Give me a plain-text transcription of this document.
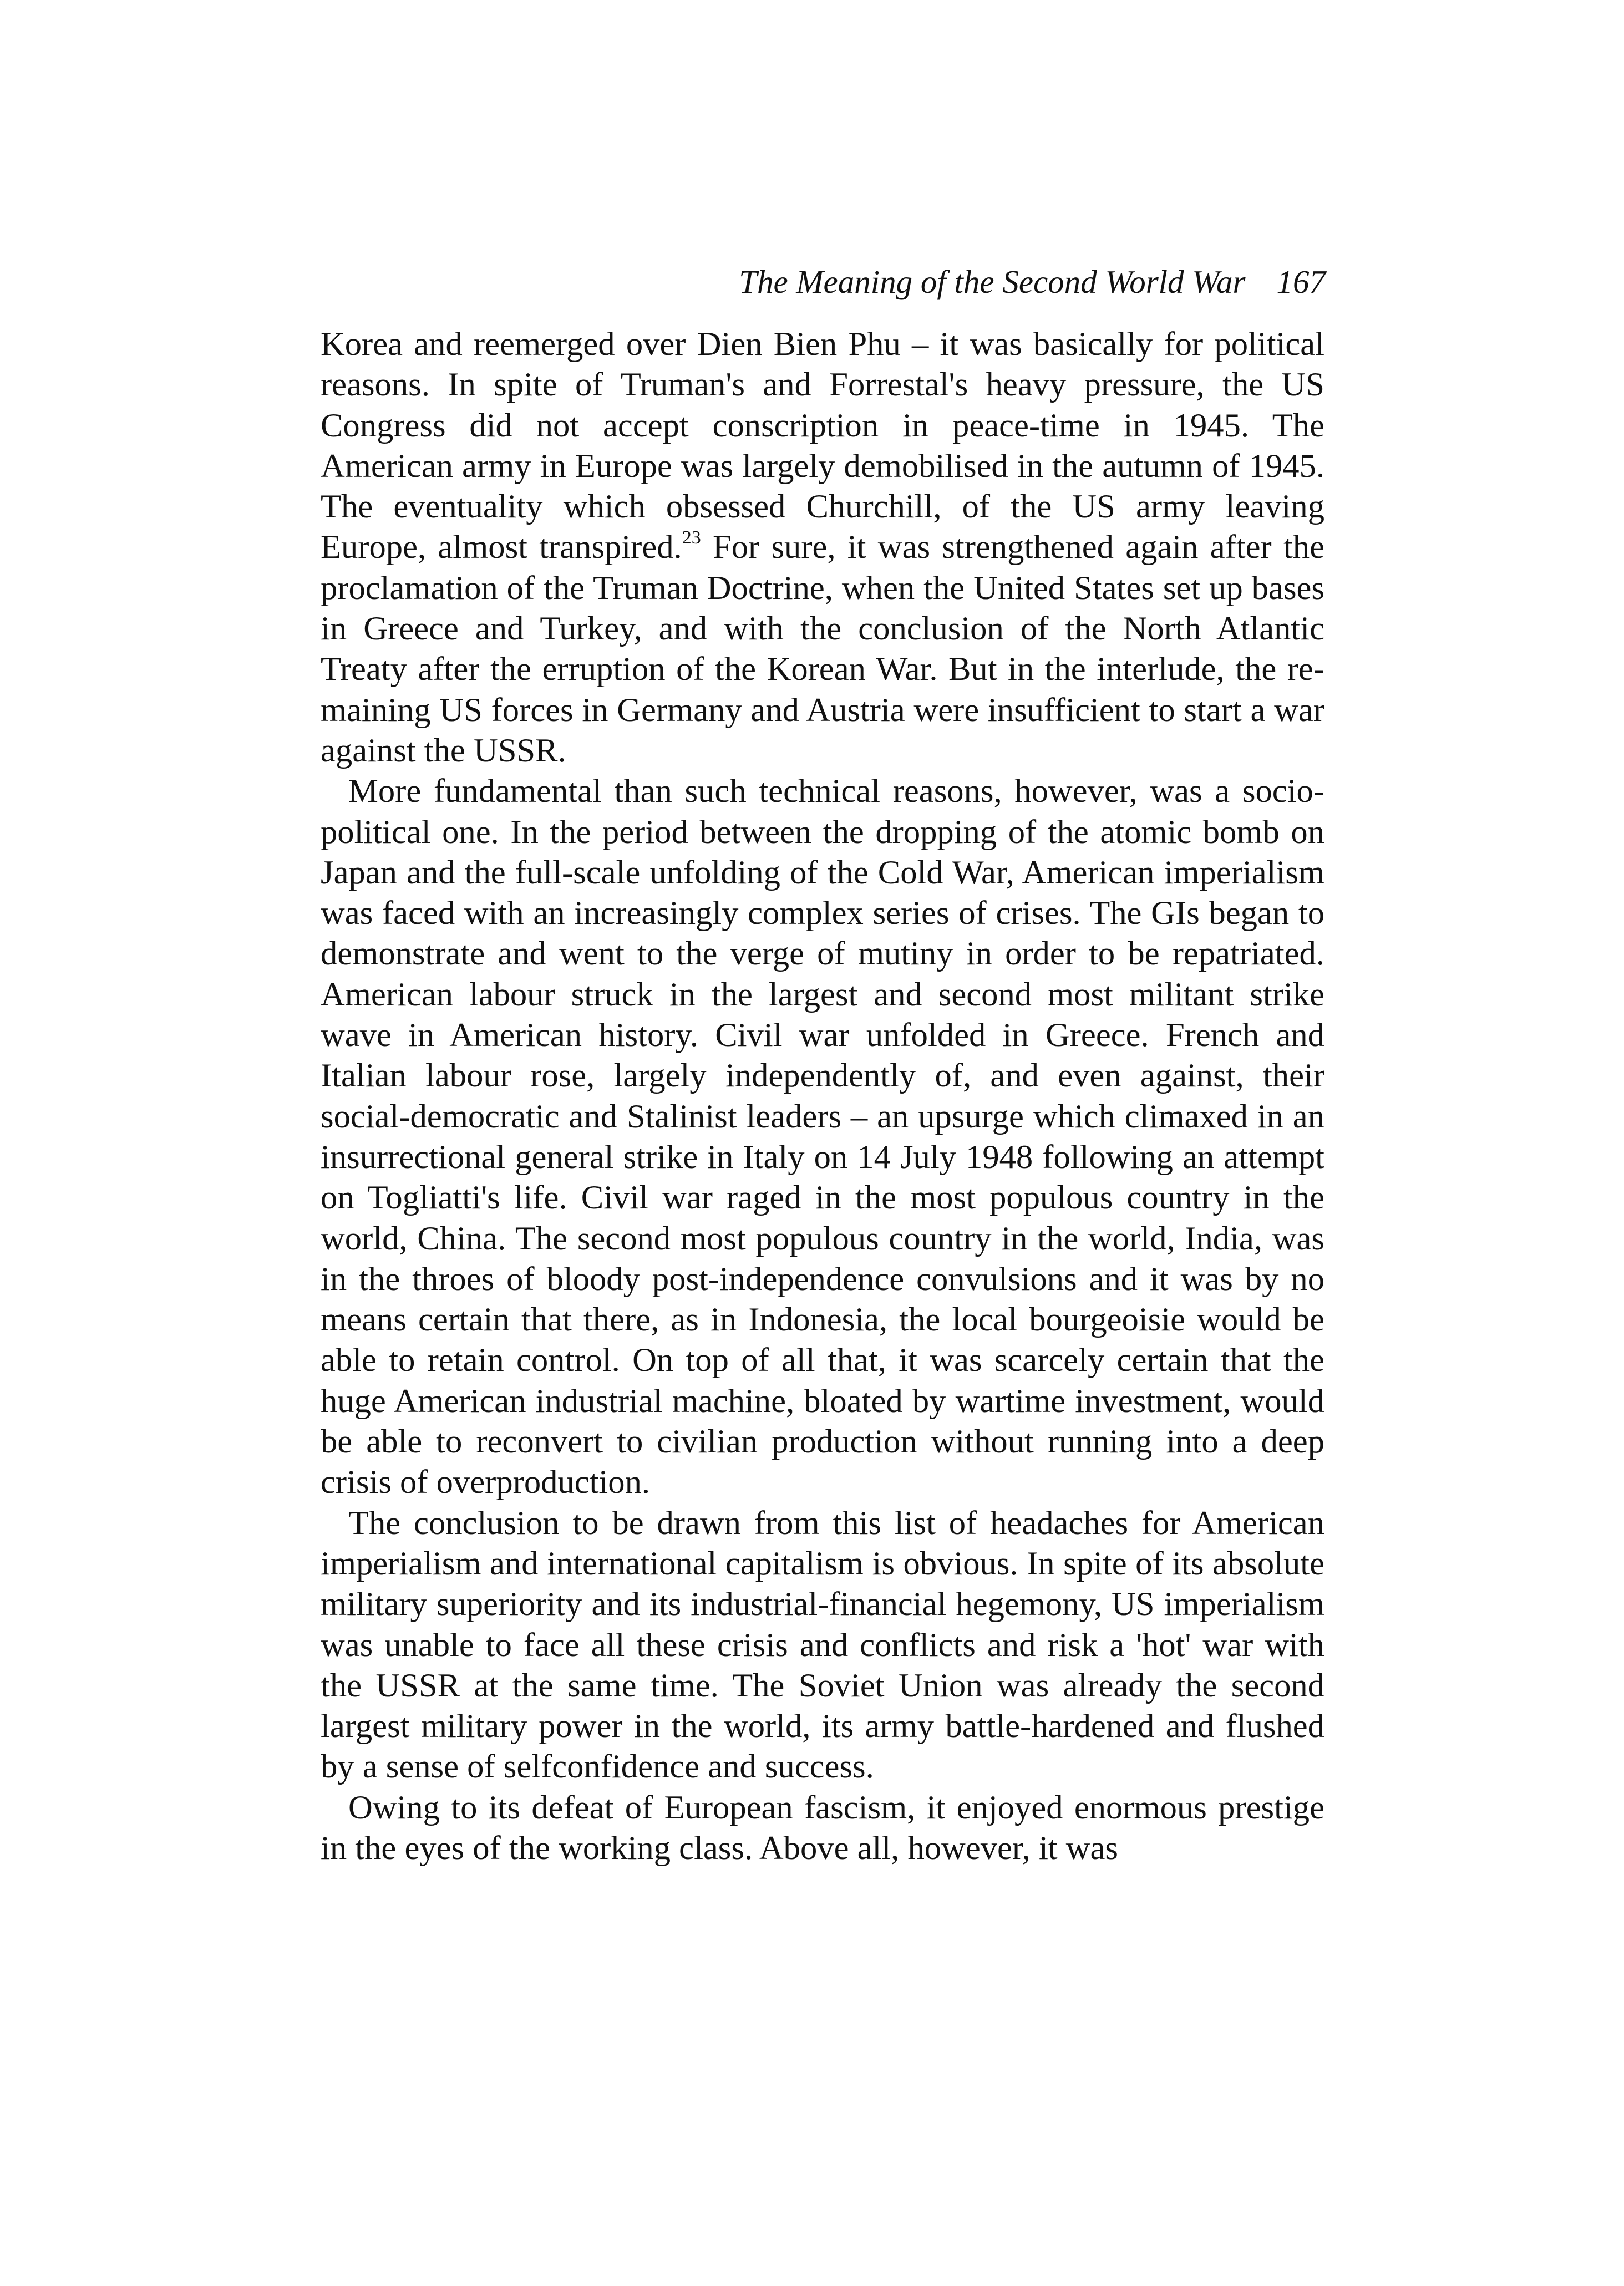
The Meaning of the Second World War 167

Korea and reemerged over Dien Bien Phu – it was basically for political reasons. In spite of Truman's and Forrestal's heavy pressure, the US Congress did not accept conscription in peace-time in 1945. The American army in Europe was largely demobilised in the autumn of 1945. The eventuality which obsessed Churchill, of the US army leaving Europe, almost transpired.$^{23}$ For sure, it was strengthened again after the proclamation of the Truman Doctrine, when the United States set up bases in Greece and Turkey, and with the conclusion of the North Atlantic Treaty after the erruption of the Korean War. But in the interlude, the remaining US forces in Germany and Austria were insufficient to start a war against the USSR.

More fundamental than such technical reasons, however, was a socio-political one. In the period between the dropping of the atomic bomb on Japan and the full-scale unfolding of the Cold War, American imperialism was faced with an increasingly complex series of crises. The GIs began to demonstrate and went to the verge of mutiny in order to be repatriated. American labour struck in the largest and second most militant strike wave in American history. Civil war unfolded in Greece. French and Italian labour rose, largely independently of, and even against, their social-democratic and Stalinist leaders – an upsurge which climaxed in an insurrectional general strike in Italy on 14 July 1948 following an attempt on Togliatti's life. Civil war raged in the most populous country in the world, China. The second most populous country in the world, India, was in the throes of bloody post-independence convulsions and it was by no means certain that there, as in Indonesia, the local bourgeoisie would be able to retain control. On top of all that, it was scarcely certain that the huge American industrial machine, bloated by wartime investment, would be able to reconvert to civilian production without running into a deep crisis of overproduction.

The conclusion to be drawn from this list of headaches for American imperialism and international capitalism is obvious. In spite of its absolute military superiority and its industrial-financial hegemony, US imperialism was unable to face all these crisis and conflicts and risk a 'hot' war with the USSR at the same time. The Soviet Union was already the second largest military power in the world, its army battle-hardened and flushed by a sense of selfconfidence and success.

Owing to its defeat of European fascism, it enjoyed enormous prestige in the eyes of the working class. Above all, however, it was
